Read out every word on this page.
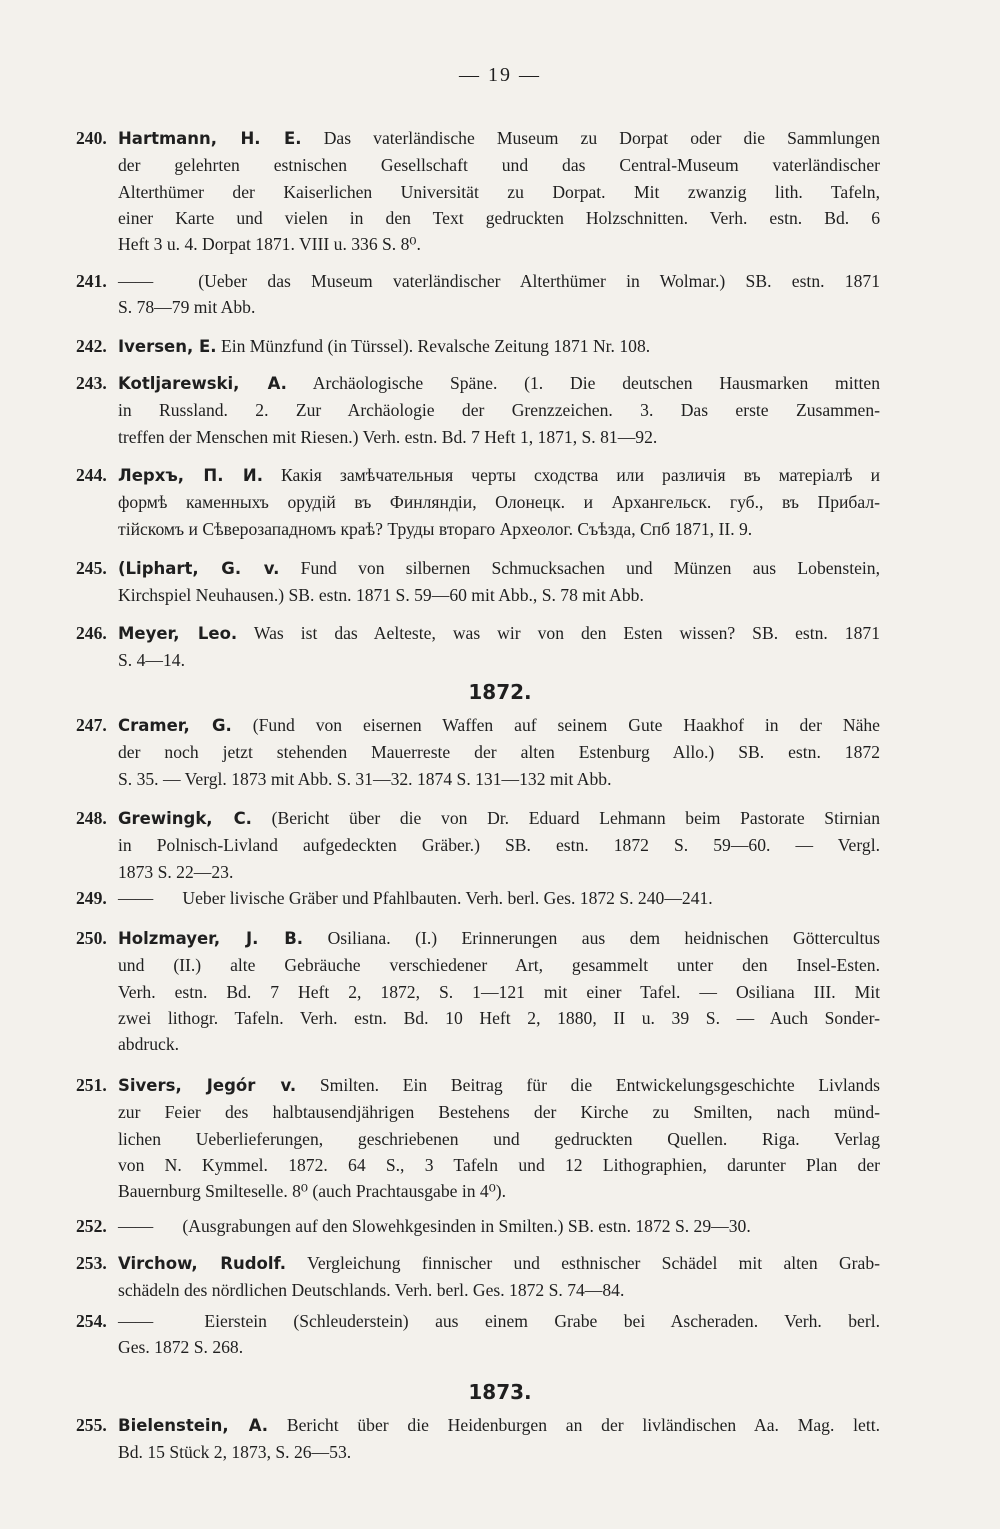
— 19 —
240. Hartmann, H. E. Das vaterländische Museum zu Dorpat oder die Sammlungen
der gelehrten estnischen Gesellschaft und das Central-Museum vaterländischer
Alterthümer der Kaiserlichen Universität zu Dorpat. Mit zwanzig lith. Tafeln,
einer Karte und vielen in den Text gedruckten Holzschnitten. Verh. estn. Bd. 6
Heft 3 u. 4. Dorpat 1871. VIII u. 336 S. 8⁰.
241. ——	(Ueber das Museum vaterländischer Alterthümer in Wolmar.) SB. estn. 1871
S. 78—79 mit Abb.
242. Iversen, E. Ein Münzfund (in Türssel). Revalsche Zeitung 1871 Nr. 108.
243. Kotljarewski, A. Archäologische Späne. (1. Die deutschen Hausmarken mitten
in Russland. 2. Zur Archäologie der Grenzzeichen. 3. Das erste Zusammen-
treffen der Menschen mit Riesen.) Verh. estn. Bd. 7 Heft 1, 1871, S. 81—92.
244. Лерхъ, П. И. Какія замѣчательныя черты сходства или различія въ матеріалѣ и
формѣ каменныхъ орудій въ Финляндіи, Олонецк. и Архангельск. губ., въ Прибал-
тійскомъ и Сѣверозападномъ краѣ? Труды втораго Археолог. Съѣзда, Спб 1871, II. 9.
245. (Liphart, G. v. Fund von silbernen Schmucksachen und Münzen aus Lobenstein,
Kirchspiel Neuhausen.) SB. estn. 1871 S. 59—60 mit Abb., S. 78 mit Abb.
246. Meyer, Leo. Was ist das Aelteste, was wir von den Esten wissen? SB. estn. 1871
S. 4—14.
247. Cramer, G. (Fund von eisernen Waffen auf seinem Gute Haakhof in der Nähe
der noch jetzt stehenden Mauerreste der alten Estenburg Allo.) SB. estn. 1872
S. 35. — Vergl. 1873 mit Abb. S. 31—32. 1874 S. 131—132 mit Abb.
248. Grewingk, C. (Bericht über die von Dr. Eduard Lehmann beim Pastorate Stirnian
in Polnisch-Livland aufgedeckten Gräber.) SB. estn. 1872 S. 59—60. — Vergl.
1873 S. 22—23.
249. —— Ueber livische Gräber und Pfahlbauten. Verh. berl. Ges. 1872 S. 240—241.
250. Holzmayer, J. B. Osiliana. (I.) Erinnerungen aus dem heidnischen Göttercultus
und (II.) alte Gebräuche verschiedener Art, gesammelt unter den Insel-Esten.
Verh. estn. Bd. 7 Heft 2, 1872, S. 1—121 mit einer Tafel. — Osiliana III. Mit
zwei lithogr. Tafeln. Verh. estn. Bd. 10 Heft 2, 1880, II u. 39 S. — Auch Sonder-
abdruck.
251. Sivers, Jegór v. Smilten. Ein Beitrag für die Entwickelungsgeschichte Livlands
zur Feier des halbtausendjährigen Bestehens der Kirche zu Smilten, nach münd-
lichen Ueberlieferungen, geschriebenen und gedruckten Quellen. Riga. Verlag
von N. Kymmel. 1872. 64 S., 3 Tafeln und 12 Lithographien, darunter Plan der
Bauernburg Smilteselle. 8⁰ (auch Prachtausgabe in 4⁰).
252. —— (Ausgrabungen auf den Slowehkgesinden in Smilten.) SB. estn. 1872 S. 29—30.
253. Virchow, Rudolf. Vergleichung finnischer und esthnischer Schädel mit alten Grab-
schädeln des nördlichen Deutschlands. Verh. berl. Ges. 1872 S. 74—84.
254. ——	Eierstein (Schleuderstein) aus einem Grabe bei Ascheraden. Verh. berl.
Ges. 1872 S. 268.
255. Bielenstein, A. Bericht über die Heidenburgen an der livländischen Aa. Mag. lett.
Bd. 15 Stück 2, 1873, S. 26—53.
1872.
1873.
